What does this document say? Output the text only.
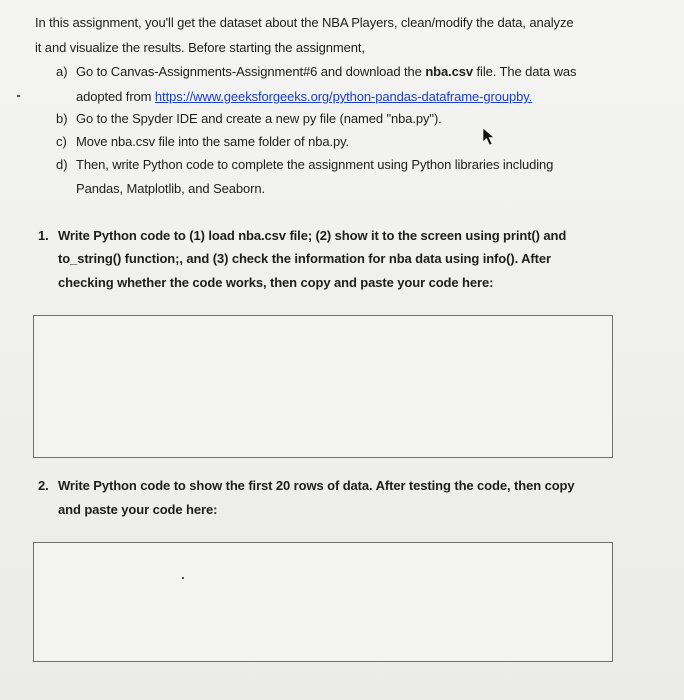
In this assignment, you'll get the dataset about the NBA Players, clean/modify the data, analyze
it and visualize the results. Before starting the assignment,
a) Go to Canvas-Assignments-Assignment#6 and download the nba.csv file. The data was
adopted from https://www.geeksforgeeks.org/python-pandas-dataframe-groupby.
b) Go to the Spyder IDE and create a new py file (named "nba.py").
c) Move nba.csv file into the same folder of nba.py.
d) Then, write Python code to complete the assignment using Python libraries including
Pandas, Matplotlib, and Seaborn.
1. Write Python code to (1) load nba.csv file; (2) show it to the screen using print() and
to_string() function;, and (3) check the information for nba data using info(). After
checking whether the code works, then copy and paste your code here:
2. Write Python code to show the first 20 rows of data. After testing the code, then copy
and paste your code here:
